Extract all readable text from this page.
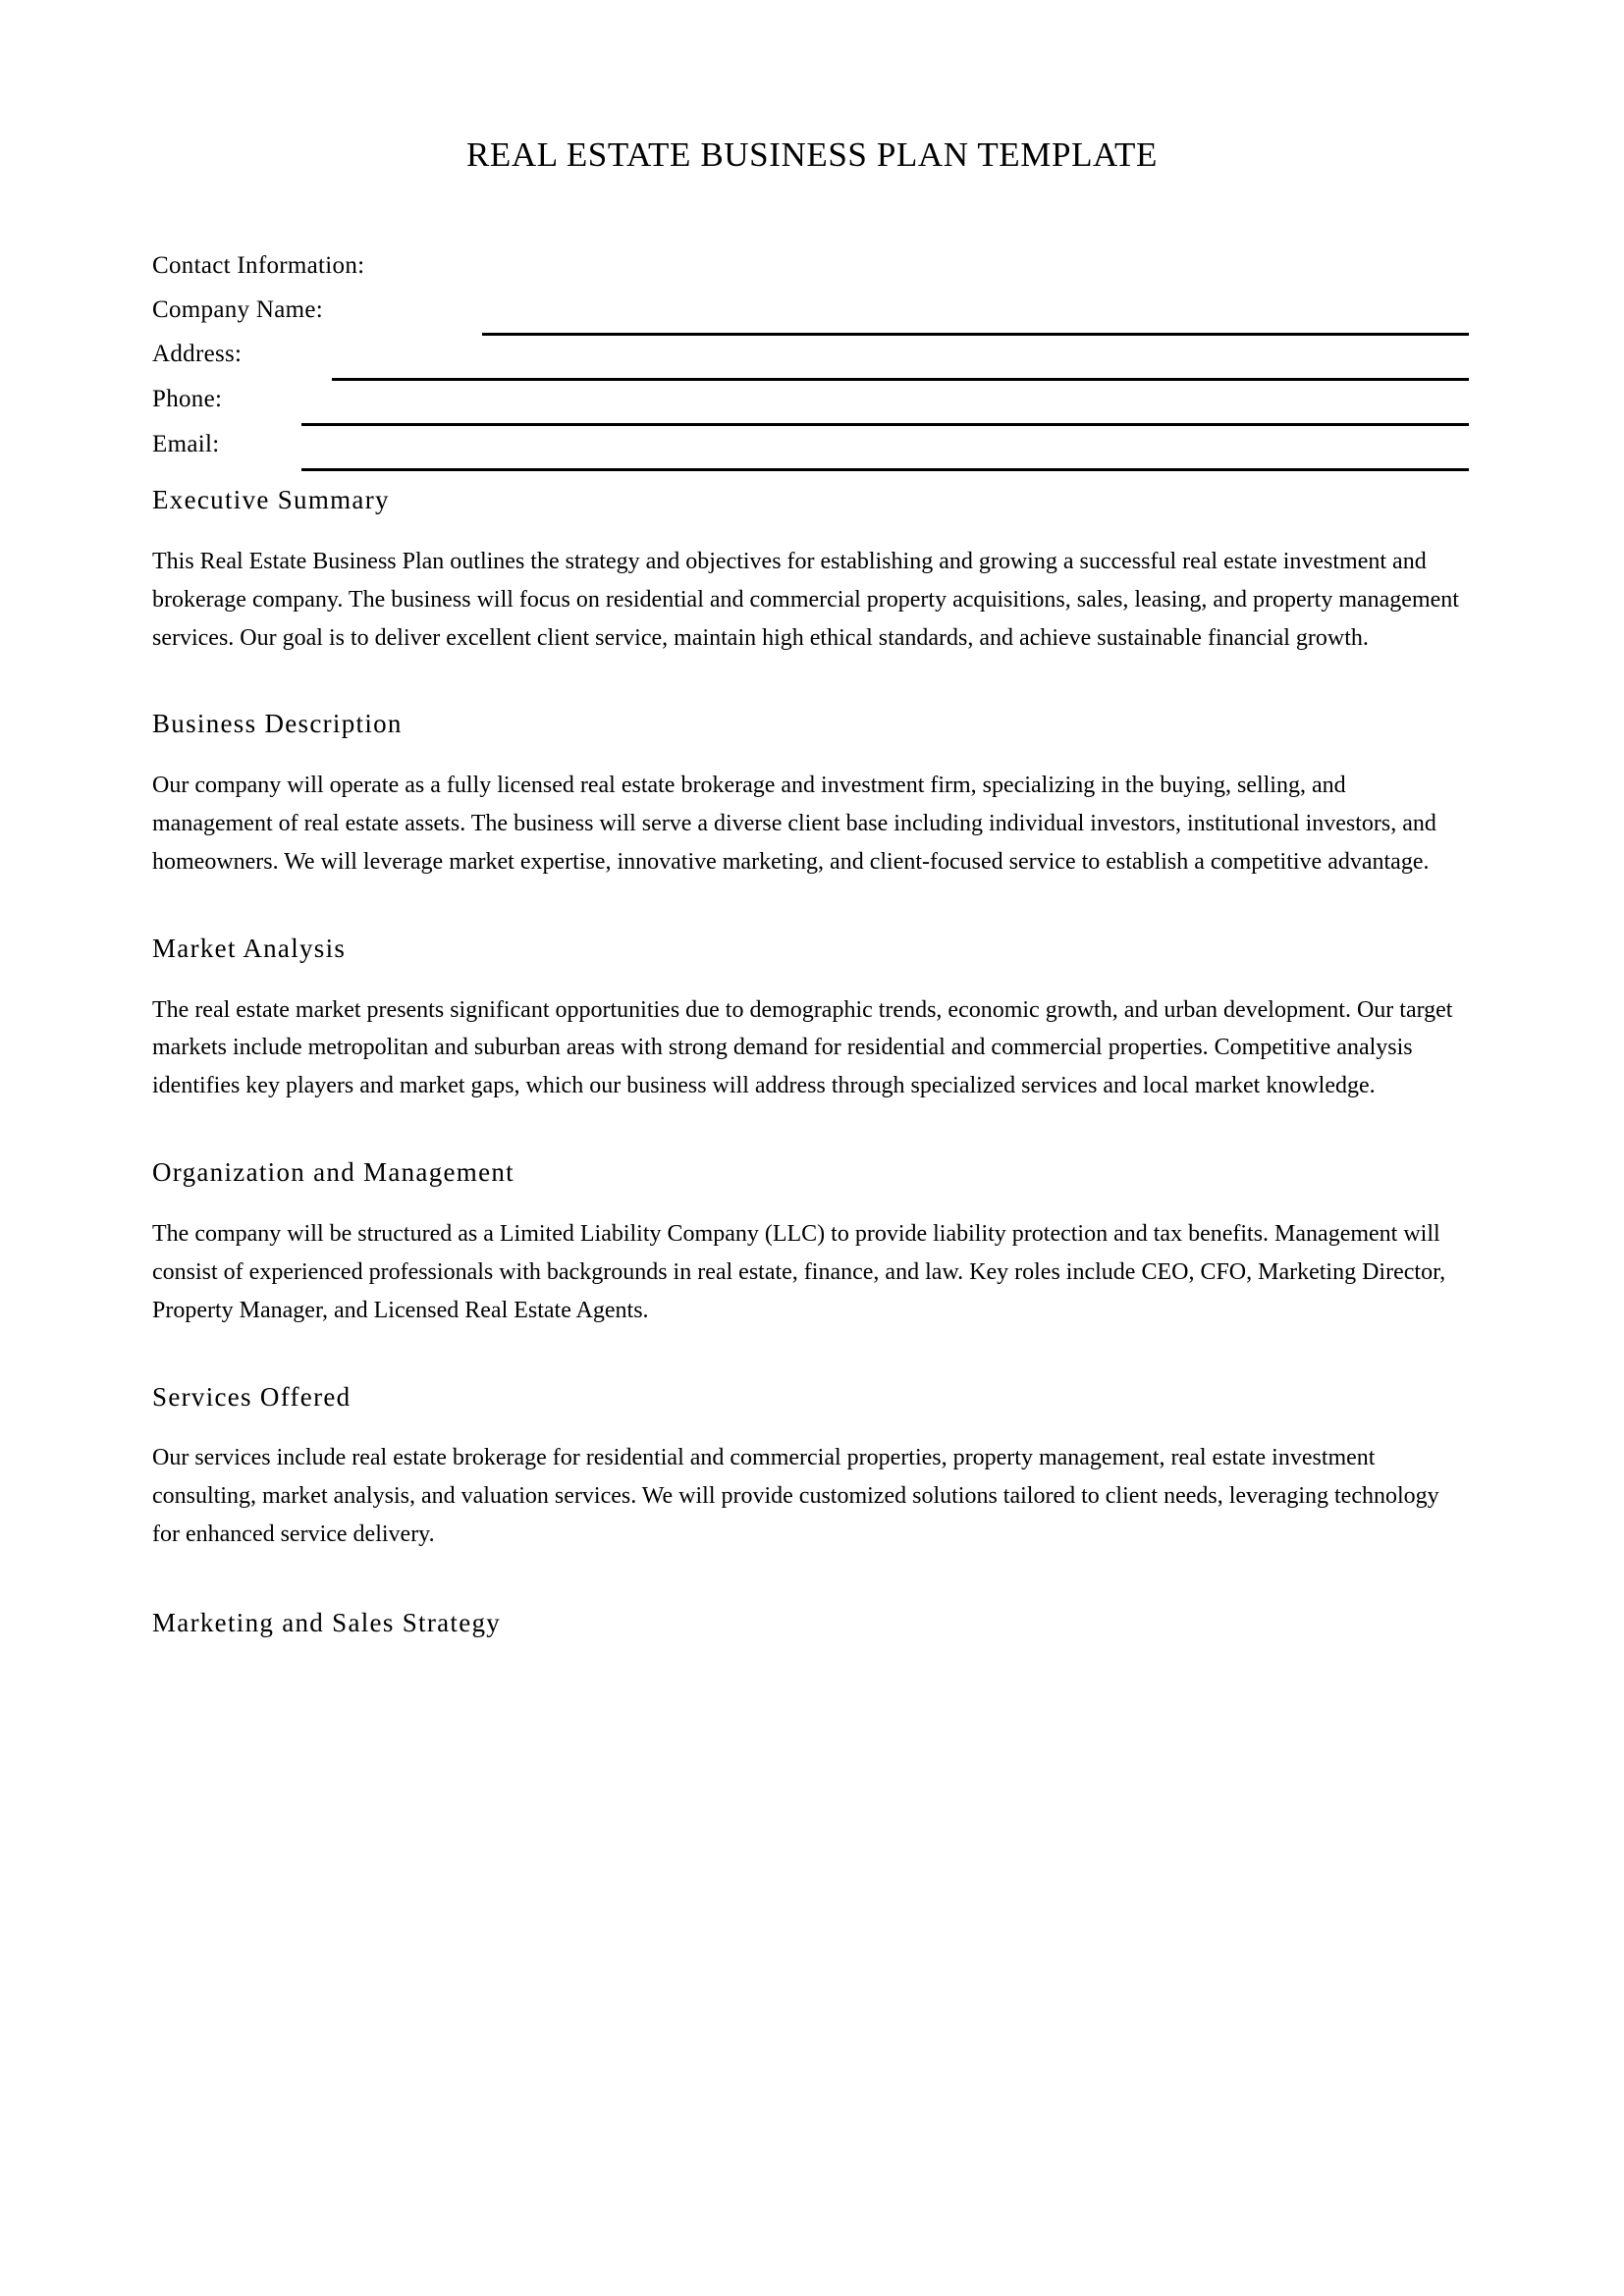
REAL ESTATE BUSINESS PLAN TEMPLATE
Contact Information:
Company Name:
Address:
Phone:
Email:
Executive Summary

This Real Estate Business Plan outlines the strategy and objectives for establishing and growing a successful real estate investment and brokerage company. The business will focus on residential and commercial property acquisitions, sales, leasing, and property management services. Our goal is to deliver excellent client service, maintain high ethical standards, and achieve sustainable financial growth.

Business Description

Our company will operate as a fully licensed real estate brokerage and investment firm, specializing in the buying, selling, and management of real estate assets. The business will serve a diverse client base including individual investors, institutional investors, and homeowners. We will leverage market expertise, innovative marketing, and client-focused service to establish a competitive advantage.

Market Analysis

The real estate market presents significant opportunities due to demographic trends, economic growth, and urban development. Our target markets include metropolitan and suburban areas with strong demand for residential and commercial properties. Competitive analysis identifies key players and market gaps, which our business will address through specialized services and local market knowledge.

Organization and Management

The company will be structured as a Limited Liability Company (LLC) to provide liability protection and tax benefits. Management will consist of experienced professionals with backgrounds in real estate, finance, and law. Key roles include CEO, CFO, Marketing Director, Property Manager, and Licensed Real Estate Agents.

Services Offered

Our services include real estate brokerage for residential and commercial properties, property management, real estate investment consulting, market analysis, and valuation services. We will provide customized solutions tailored to client needs, leveraging technology for enhanced service delivery.

Marketing and Sales Strategy
